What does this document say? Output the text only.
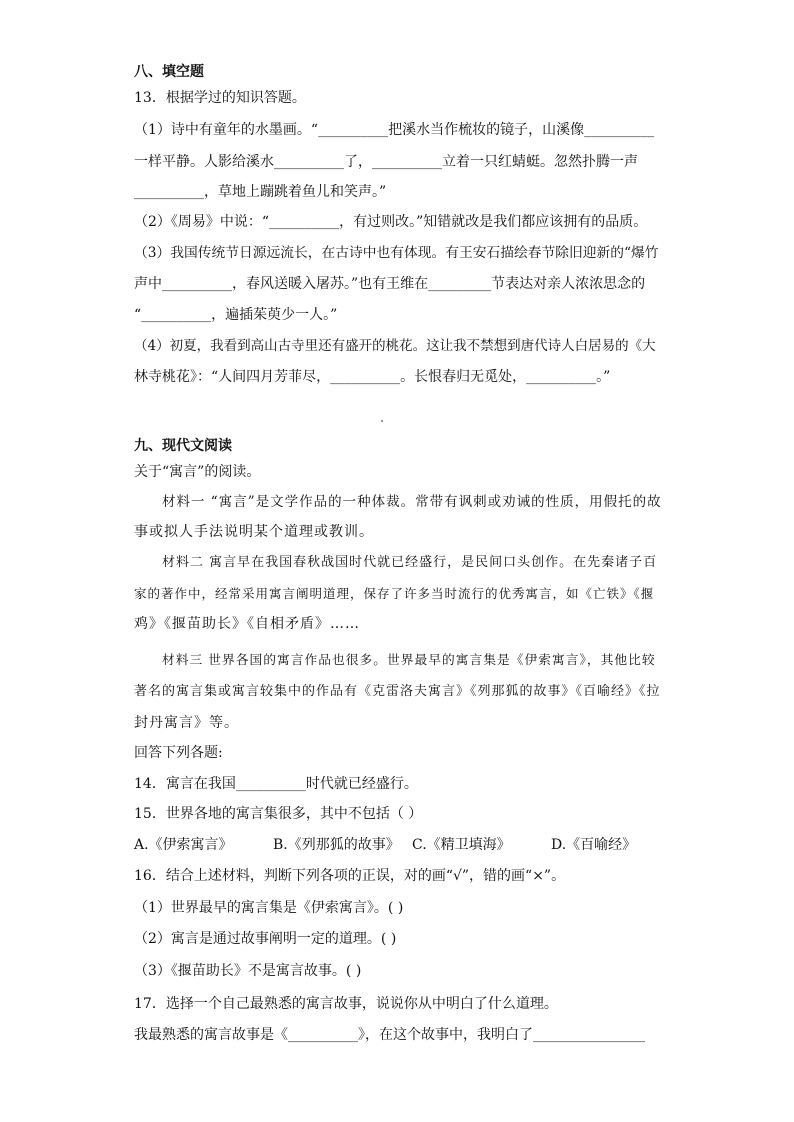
八、填空题
13．根据学过的知识答题。
（1）诗中有童年的水墨画。“__________把溪水当作梳妆的镜子，山溪像__________
一样平静。人影给溪水__________了，__________立着一只红蜻蜓。忽然扑腾一声
__________，草地上蹦跳着鱼儿和笑声。”
（2）《周易》中说：“__________，有过则改。”知错就改是我们都应该拥有的品质。
（3）我国传统节日源远流长，在古诗中也有体现。有王安石描绘春节除旧迎新的“爆竹
声中__________，春风送暖入屠苏。”也有王维在_________节表达对亲人浓浓思念的
“__________，遍插茱萸少一人。”
（4）初夏，我看到高山古寺里还有盛开的桃花。这让我不禁想到唐代诗人白居易的《大
林寺桃花》：“人间四月芳菲尽，__________。长恨春归无觅处，__________。”
九、现代文阅读
关于“寓言”的阅读。
材料一 “寓言”是文学作品的一种体裁。常带有讽刺或劝诫的性质，用假托的故
事或拟人手法说明某个道理或教训。
材料二 寓言早在我国春秋战国时代就已经盛行，是民间口头创作。在先秦诸子百
家的著作中，经常采用寓言阐明道理，保存了许多当时流行的优秀寓言，如《亡铁》《揠
鸡》《揠苗助长》《自相矛盾》……
材料三 世界各国的寓言作品也很多。世界最早的寓言集是《伊索寓言》，其他比较
著名的寓言集或寓言较集中的作品有《克雷洛夫寓言》《列那狐的故事》《百喻经》《拉
封丹寓言》等。
回答下列各题:
14．寓言在我国__________时代就已经盛行。
15．世界各地的寓言集很多，其中不包括（ ）
A.《伊索寓言》	B.《列那狐的故事》 C.《精卫填海》	D.《百喻经》
16．结合上述材料，判断下列各项的正误，对的画“√”，错的画“×”。
（1）世界最早的寓言集是《伊索寓言》。( )
（2）寓言是通过故事阐明一定的道理。( )
（3）《揠苗助长》不是寓言故事。( )
17．选择一个自己最熟悉的寓言故事，说说你从中明白了什么道理。
我最熟悉的寓言故事是《__________》，在这个故事中，我明白了________________
